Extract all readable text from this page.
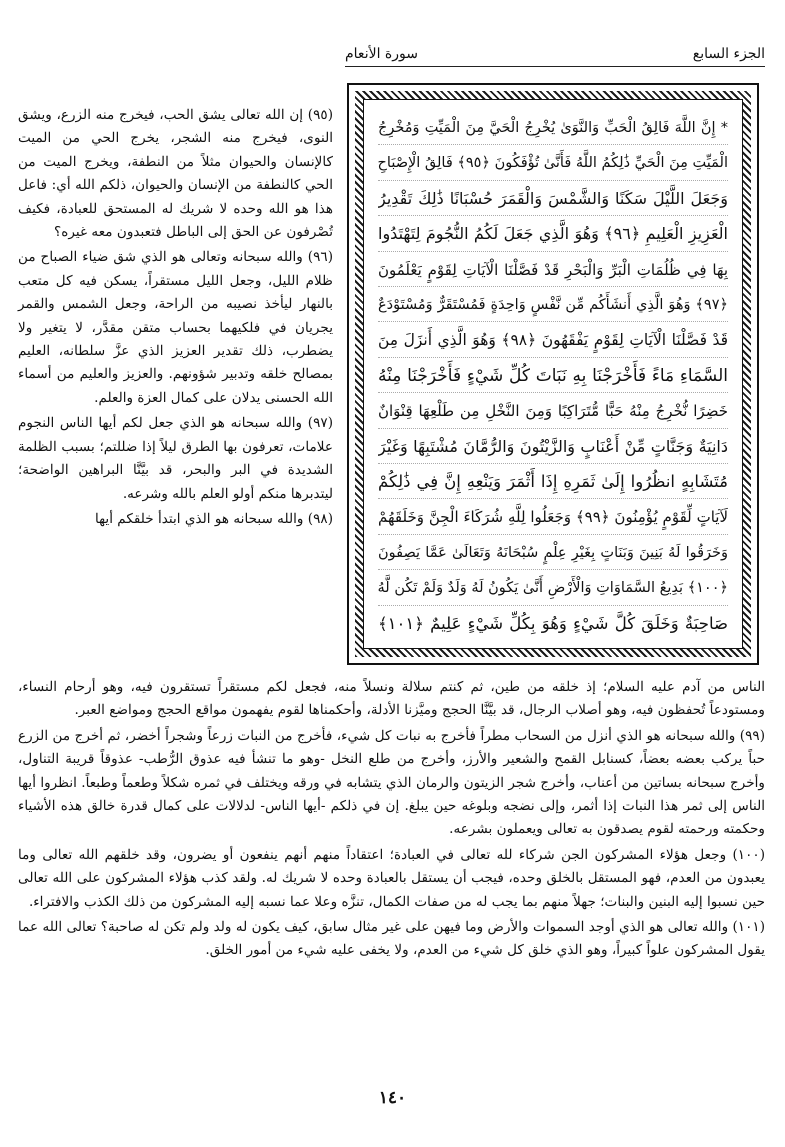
الجزء السابع
سورة الأنعام
* إِنَّ اللَّهَ فَالِقُ الْحَبِّ وَالنَّوَىٰ يُخْرِجُ الْحَيَّ مِنَ الْمَيِّتِ وَمُخْرِجُ
الْمَيِّتِ مِنَ الْحَيِّ ذَٰلِكُمُ اللَّهُ فَأَنَّىٰ تُؤْفَكُونَ ﴿٩٥﴾ فَالِقُ الْإِصْبَاحِ
وَجَعَلَ اللَّيْلَ سَكَنًا وَالشَّمْسَ وَالْقَمَرَ حُسْبَانًا ذَٰلِكَ تَقْدِيرُ
الْعَزِيزِ الْعَلِيمِ ﴿٩٦﴾ وَهُوَ الَّذِي جَعَلَ لَكُمُ النُّجُومَ لِتَهْتَدُوا
بِهَا فِي ظُلُمَاتِ الْبَرِّ وَالْبَحْرِ قَدْ فَصَّلْنَا الْآيَاتِ لِقَوْمٍ يَعْلَمُونَ
﴿٩٧﴾ وَهُوَ الَّذِي أَنشَأَكُم مِّن نَّفْسٍ وَاحِدَةٍ فَمُسْتَقَرٌّ وَمُسْتَوْدَعٌ
قَدْ فَصَّلْنَا الْآيَاتِ لِقَوْمٍ يَفْقَهُونَ ﴿٩٨﴾ وَهُوَ الَّذِي أَنزَلَ مِنَ
السَّمَاءِ مَاءً فَأَخْرَجْنَا بِهِ نَبَاتَ كُلِّ شَيْءٍ فَأَخْرَجْنَا مِنْهُ
خَضِرًا نُّخْرِجُ مِنْهُ حَبًّا مُّتَرَاكِبًا وَمِنَ النَّخْلِ مِن طَلْعِهَا قِنْوَانٌ
دَانِيَةٌ وَجَنَّاتٍ مِّنْ أَعْنَابٍ وَالزَّيْتُونَ وَالرُّمَّانَ مُشْتَبِهًا وَغَيْرَ
مُتَشَابِهٍ انظُرُوا إِلَىٰ ثَمَرِهِ إِذَا أَثْمَرَ وَيَنْعِهِ إِنَّ فِي ذَٰلِكُمْ
لَآيَاتٍ لِّقَوْمٍ يُؤْمِنُونَ ﴿٩٩﴾ وَجَعَلُوا لِلَّهِ شُرَكَاءَ الْجِنَّ وَخَلَقَهُمْ
وَخَرَقُوا لَهُ بَنِينَ وَبَنَاتٍ بِغَيْرِ عِلْمٍ سُبْحَانَهُ وَتَعَالَىٰ عَمَّا يَصِفُونَ
﴿١٠٠﴾ بَدِيعُ السَّمَاوَاتِ وَالْأَرْضِ أَنَّىٰ يَكُونُ لَهُ وَلَدٌ وَلَمْ تَكُن لَّهُ
صَاحِبَةٌ وَخَلَقَ كُلَّ شَيْءٍ وَهُوَ بِكُلِّ شَيْءٍ عَلِيمٌ ﴿١٠١﴾

(٩٥) إن الله تعالى يشق الحب، فيخرج منه الزرع، ويشق النوى، فيخرج منه الشجر، يخرج الحي من الميت كالإنسان والحيوان مثلاً من النطفة، ويخرج الميت من الحي كالنطفة من الإنسان والحيوان، ذلكم الله أي: فاعل هذا هو الله وحده لا شريك له المستحق للعبادة، فكيف تُصْرفون عن الحق إلى الباطل فتعبدون معه غيره؟

(٩٦) والله سبحانه وتعالى هو الذي شق ضياء الصباح من ظلام الليل، وجعل الليل مستقراً، يسكن فيه كل متعب بالنهار ليأخذ نصيبه من الراحة، وجعل الشمس والقمر يجريان في فلكيهما بحساب متقن مقدَّر، لا يتغير ولا يضطرب، ذلك تقدير العزيز الذي عزَّ سلطانه، العليم بمصالح خلقه وتدبير شؤونهم. والعزيز والعليم من أسماء الله الحسنى يدلان على كمال العزة والعلم.

(٩٧) والله سبحانه هو الذي جعل لكم أيها الناس النجوم علامات، تعرفون بها الطرق ليلاً إذا ضللتم؛ بسبب الظلمة الشديدة في البر والبحر، قد بيَّنَّا البراهين الواضحة؛ ليتدبرها منكم أولو العلم بالله وشرعه.

(٩٨) والله سبحانه هو الذي ابتدأ خلقكم أيها

الناس من آدم عليه السلام؛ إذ خلقه من طين، ثم كنتم سلالة ونسلاً منه، فجعل لكم مستقراً تستقرون فيه، وهو أرحام النساء، ومستودعاً تُحفظون فيه، وهو أصلاب الرجال، قد بيَّنَّا الحجج وميَّزنا الأدلة، وأحكمناها لقوم يفهمون مواقع الحجج ومواضع العبر.

(٩٩) والله سبحانه هو الذي أنزل من السحاب مطراً فأخرج به نبات كل شيء، فأخرج من النبات زرعاً وشجراً أخضر، ثم أخرج من الزرع حباً يركب بعضه بعضاً، كسنابل القمح والشعير والأرز، وأخرج من طلع النخل -وهو ما تنشأ فيه عذوق الرُّطب- عذوقاً قريبة التناول، وأخرج سبحانه بساتين من أعناب، وأخرج شجر الزيتون والرمان الذي يتشابه في ورقه ويختلف في ثمره شكلاً وطعماً وطبعاً. انظروا أيها الناس إلى ثمر هذا النبات إذا أثمر، وإلى نضجه وبلوغه حين يبلغ. إن في ذلكم -أيها الناس- لدلالات على كمال قدرة خالق هذه الأشياء وحكمته ورحمته لقوم يصدقون به تعالى ويعملون بشرعه.

(١٠٠) وجعل هؤلاء المشركون الجن شركاء لله تعالى في العبادة؛ اعتقاداً منهم أنهم ينفعون أو يضرون، وقد خلقهم الله تعالى وما يعبدون من العدم، فهو المستقل بالخلق وحده، فيجب أن يستقل بالعبادة وحده لا شريك له. ولقد كذب هؤلاء المشركون على الله تعالى حين نسبوا إليه البنين والبنات؛ جهلاً منهم بما يجب له من صفات الكمال، تنزَّه وعلا عما نسبه إليه المشركون من ذلك الكذب والافتراء.

(١٠١) والله تعالى هو الذي أوجد السموات والأرض وما فيهن على غير مثال سابق، كيف يكون له ولد ولم تكن له صاحبة؟ تعالى الله عما يقول المشركون علواً كبيراً، وهو الذي خلق كل شيء من العدم، ولا يخفى عليه شيء من أمور الخلق.

١٤٠
